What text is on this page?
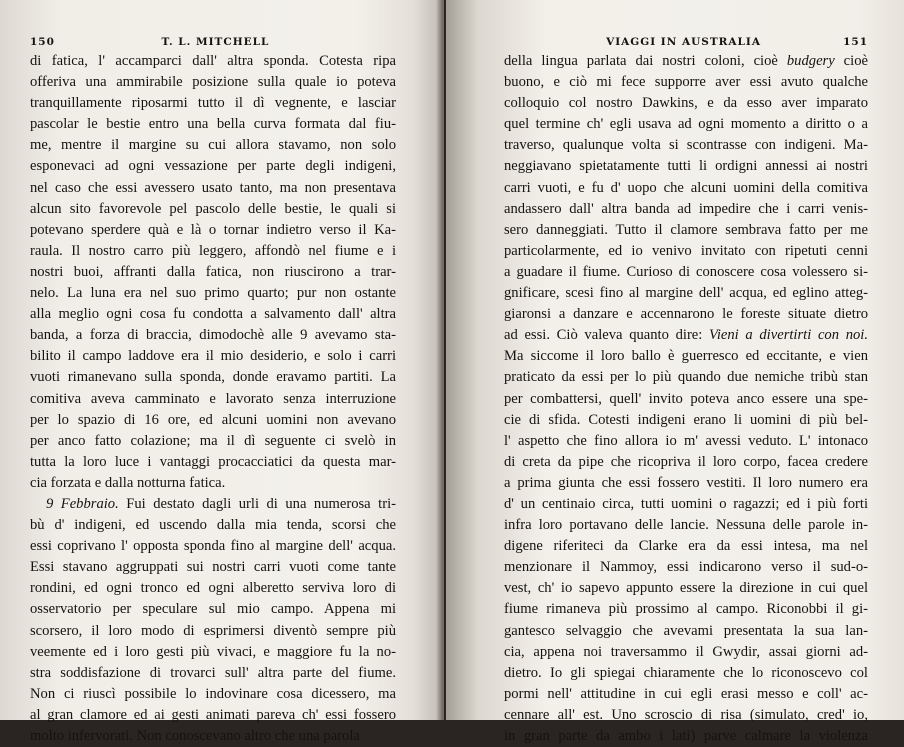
150	T. L. MITCHELL

di fatica, l' accamparci dall' altra sponda. Cotesta ripa
offeriva una ammirabile posizione sulla quale io poteva
tranquillamente riposarmi tutto il dì vegnente, e lasciar
pascolar le bestie entro una bella curva formata dal fiu-
me, mentre il margine su cui allora stavamo, non solo
esponevaci ad ogni vessazione per parte degli indigeni,
nel caso che essi avessero usato tanto, ma non presentava
alcun sito favorevole pel pascolo delle bestie, le quali si
potevano sperdere quà e là o tornar indietro verso il Ka-
raula. Il nostro carro più leggero, affondò nel fiume e i
nostri buoi, affranti dalla fatica, non riuscirono a trar-
nelo. La luna era nel suo primo quarto; pur non ostante
alla meglio ogni cosa fu condotta a salvamento dall' altra
banda, a forza di braccia, dimodochè alle 9 avevamo sta-
bilito il campo laddove era il mio desiderio, e solo i carri
vuoti rimanevano sulla sponda, donde eravamo partiti. La
comitiva aveva camminato e lavorato senza interruzione
per lo spazio di 16 ore, ed alcuni uomini non avevano
per anco fatto colazione; ma il dì seguente ci svelò in
tutta la loro luce i vantaggi procacciatici da questa mar-
cia forzata e dalla notturna fatica.

9 Febbraio. Fui destato dagli urli di una numerosa tri-
bù d' indigeni, ed uscendo dalla mia tenda, scorsi che
essi coprivano l' opposta sponda fino al margine dell' acqua.
Essi stavano aggruppati sui nostri carri vuoti come tante
rondini, ed ogni tronco ed ogni alberetto serviva loro di
osservatorio per speculare sul mio campo. Appena mi
scorsero, il loro modo di esprimersi diventò sempre più
veemente ed i loro gesti più vivaci, e maggiore fu la no-
stra soddisfazione di trovarci sull' altra parte del fiume.
Non ci riuscì possibile lo indovinare cosa dicessero, ma
al gran clamore ed ai gesti animati pareva ch' essi fossero
molto infervorati. Non conoscevano altro che una parola

VIAGGI IN AUSTRALIA	151

della lingua parlata dai nostri coloni, cioè budgery cioè
buono, e ciò mi fece supporre aver essi avuto qualche
colloquio col nostro Dawkins, e da esso aver imparato
quel termine ch' egli usava ad ogni momento a diritto o a
traverso, qualunque volta si scontrasse con indigeni. Ma-
neggiavano spietatamente tutti li ordigni annessi ai nostri
carri vuoti, e fu d' uopo che alcuni uomini della comitiva
andassero dall' altra banda ad impedire che i carri venis-
sero danneggiati. Tutto il clamore sembrava fatto per me
particolarmente, ed io venivo invitato con ripetuti cenni
a guadare il fiume. Curioso di conoscere cosa volessero si-
gnificare, scesi fino al margine dell' acqua, ed eglino atteg-
giaronsi a danzare e accennarono le foreste situate dietro
ad essi. Ciò valeva quanto dire: Vieni a divertirti con noi.
Ma siccome il loro ballo è guerresco ed eccitante, e vien
praticato da essi per lo più quando due nemiche tribù stan
per combattersi, quell' invito poteva anco essere una spe-
cie di sfida. Cotesti indigeni erano li uomini di più bel-
l' aspetto che fino allora io m' avessi veduto. L' intonaco
di creta da pipe che ricopriva il loro corpo, facea credere
a prima giunta che essi fossero vestiti. Il loro numero era
d' un centinaio circa, tutti uomini o ragazzi; ed i più forti
infra loro portavano delle lancie. Nessuna delle parole in-
digene riferiteci da Clarke era da essi intesa, ma nel
menzionare il Nammoy, essi indicarono verso il sud-o-
vest, ch' io sapevo appunto essere la direzione in cui quel
fiume rimaneva più prossimo al campo. Riconobbi il gi-
gantesco selvaggio che avevami presentata la sua lan-
cia, appena noi traversammo il Gwydir, assai giorni ad-
dietro. Io gli spiegai chiaramente che lo riconoscevo col
pormi nell' attitudine in cui egli erasi messo e coll' ac-
cennare all' est. Uno scroscio di risa (simulato, cred' io,
in gran parte da ambo i lati) parve calmare la violenza
